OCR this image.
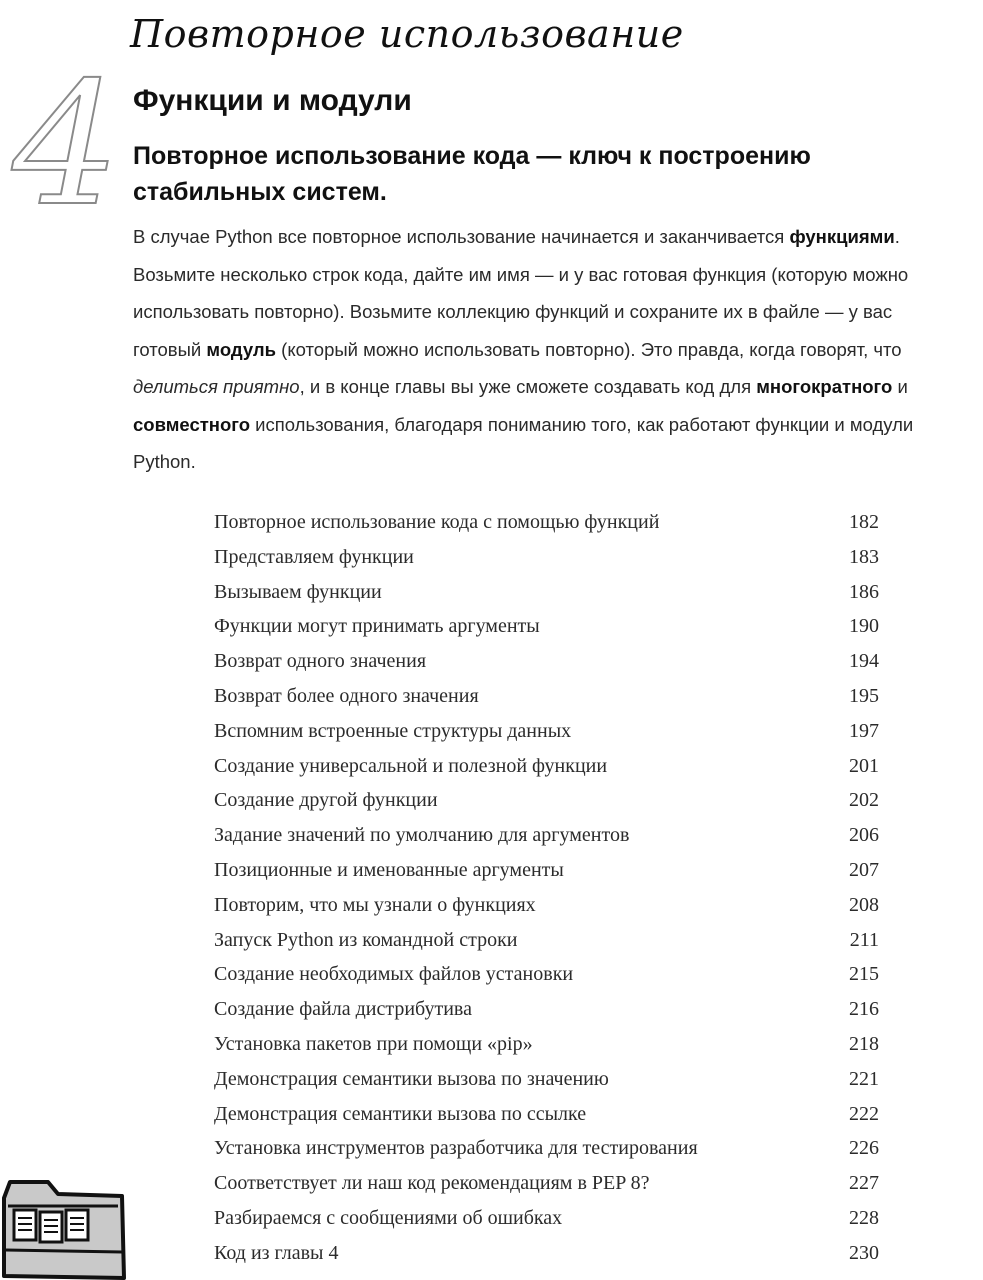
4
Повторное использование
Функции и модули
Повторное использование кода — ключ к построению стабильных систем.
В случае Python все повторное использование начинается и заканчивается функциями. Возьмите несколько строк кода, дайте им имя — и у вас готовая функция (которую можно использовать повторно). Возьмите коллекцию функций и сохраните их в файле — у вас готовый модуль (который можно использовать повторно). Это правда, когда говорят, что делиться приятно, и в конце главы вы уже сможете создавать код для многократного и совместного использования, благодаря пониманию того, как работают функции и модули Python.
Повторное использование кода с помощью функций	182
Представляем функции	183
Вызываем функции	186
Функции могут принимать аргументы	190
Возврат одного значения	194
Возврат более одного значения	195
Вспомним встроенные структуры данных	197
Создание универсальной и полезной функции	201
Создание другой функции	202
Задание значений по умолчанию для аргументов	206
Позиционные и именованные аргументы	207
Повторим, что мы узнали о функциях	208
Запуск Python из командной строки	211
Создание необходимых файлов установки	215
Создание файла дистрибутива	216
Установка пакетов при помощи «pip»	218
Демонстрация семантики вызова по значению	221
Демонстрация семантики вызова по ссылке	222
Установка инструментов разработчика для тестирования	226
Соответствует ли наш код рекомендациям в PEP 8?	227
Разбираемся с сообщениями об ошибках	228
Код из главы 4	230
